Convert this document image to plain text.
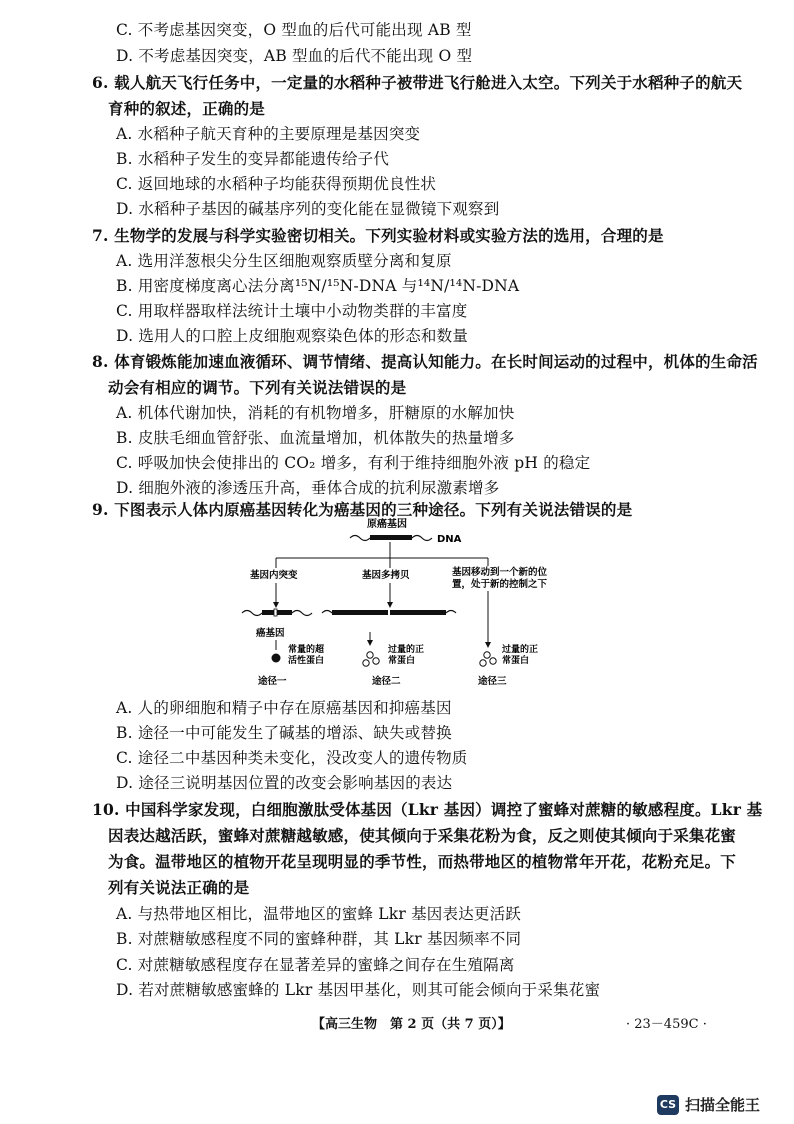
C. 不考虑基因突变，O 型血的后代可能出现 AB 型
D. 不考虑基因突变，AB 型血的后代不能出现 O 型
6. 载人航天飞行任务中，一定量的水稻种子被带进飞行舱进入太空。下列关于水稻种子的航天
育种的叙述，正确的是
A. 水稻种子航天育种的主要原理是基因突变
B. 水稻种子发生的变异都能遗传给子代
C. 返回地球的水稻种子均能获得预期优良性状
D. 水稻种子基因的碱基序列的变化能在显微镜下观察到
7. 生物学的发展与科学实验密切相关。下列实验材料或实验方法的选用，合理的是
A. 选用洋葱根尖分生区细胞观察质壁分离和复原
B. 用密度梯度离心法分离¹⁵N/¹⁵N-DNA 与¹⁴N/¹⁴N-DNA
C. 用取样器取样法统计土壤中小动物类群的丰富度
D. 选用人的口腔上皮细胞观察染色体的形态和数量
8. 体育锻炼能加速血液循环、调节情绪、提高认知能力。在长时间运动的过程中，机体的生命活
动会有相应的调节。下列有关说法错误的是
A. 机体代谢加快，消耗的有机物增多，肝糖原的水解加快
B. 皮肤毛细血管舒张、血流量增加，机体散失的热量增多
C. 呼吸加快会使排出的 CO₂ 增多，有利于维持细胞外液 pH 的稳定
D. 细胞外液的渗透压升高，垂体合成的抗利尿激素增多
9. 下图表示人体内原癌基因转化为癌基因的三种途径。下列有关说法错误的是
A. 人的卵细胞和精子中存在原癌基因和抑癌基因
B. 途径一中可能发生了碱基的增添、缺失或替换
C. 途径二中基因种类未变化，没改变人的遗传物质
D. 途径三说明基因位置的改变会影响基因的表达
10. 中国科学家发现，白细胞激肽受体基因（Lkr 基因）调控了蜜蜂对蔗糖的敏感程度。Lkr 基
因表达越活跃，蜜蜂对蔗糖越敏感，使其倾向于采集花粉为食，反之则使其倾向于采集花蜜
为食。温带地区的植物开花呈现明显的季节性，而热带地区的植物常年开花，花粉充足。下
列有关说法正确的是
A. 与热带地区相比，温带地区的蜜蜂 Lkr 基因表达更活跃
B. 对蔗糖敏感程度不同的蜜蜂种群，其 Lkr 基因频率不同
C. 对蔗糖敏感程度存在显著差异的蜜蜂之间存在生殖隔离
D. 若对蔗糖敏感蜜蜂的 Lkr 基因甲基化，则其可能会倾向于采集花蜜
原癌基因
DNA
基因内突变	基因多拷贝	基因移动到一个新的位
置，处于新的控制之下
癌基因
常量的超
活性蛋白
过量的正
常蛋白
过量的正
常蛋白
途径一	途径二	途径三
【高三生物　第 2 页（共 7 页）】	· 23－459C ·
CS 扫描全能王
